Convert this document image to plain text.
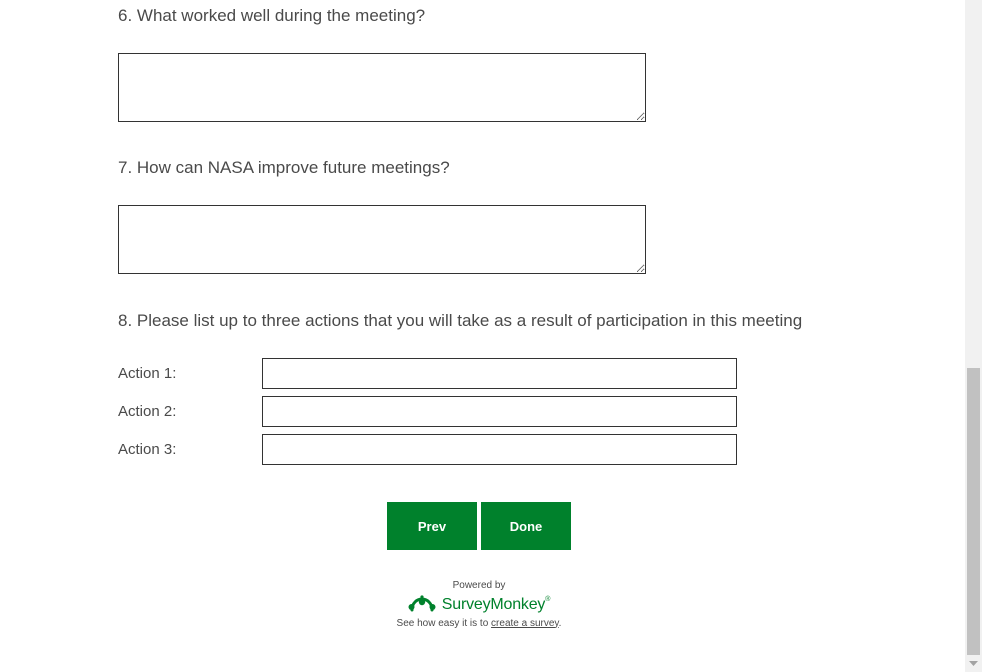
6. What worked well during the meeting?
7. How can NASA improve future meetings?
8. Please list up to three actions that you will take as a result of participation in this meeting
Action 1:
Action 2:
Action 3:
Prev	Done
Powered by
SurveyMonkey®
See how easy it is to create a survey.
